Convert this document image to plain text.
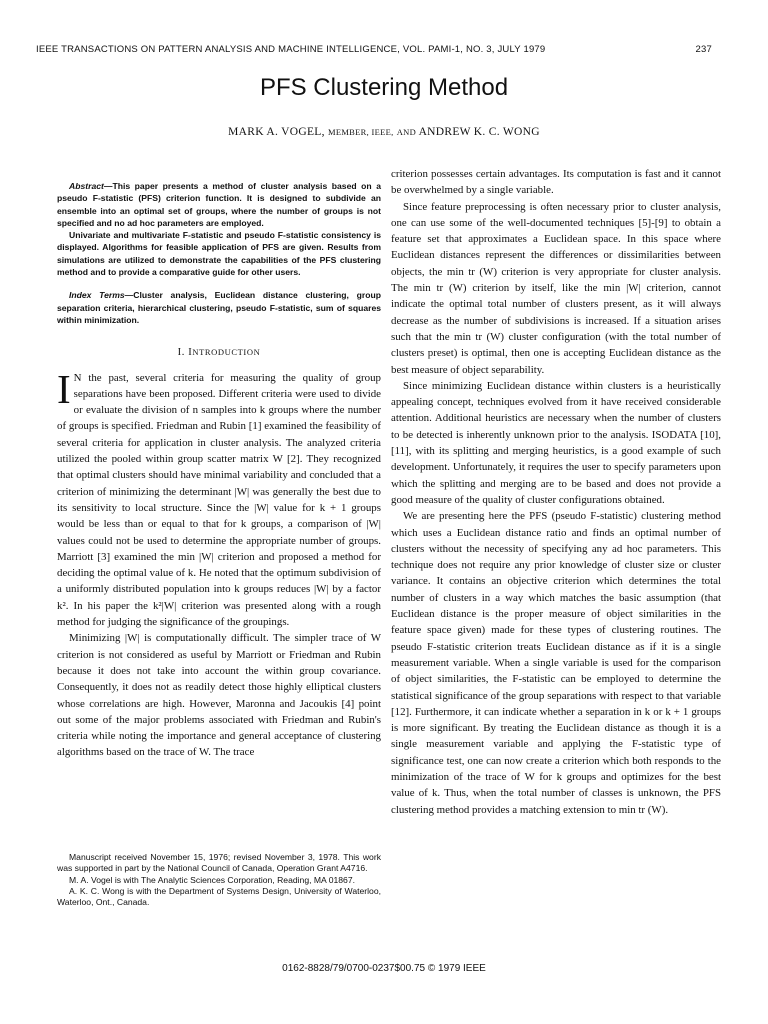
IEEE TRANSACTIONS ON PATTERN ANALYSIS AND MACHINE INTELLIGENCE, VOL. PAMI-1, NO. 3, JULY 1979	237
PFS Clustering Method
MARK A. VOGEL, MEMBER, IEEE, AND ANDREW K. C. WONG

Abstract—This paper presents a method of cluster analysis based on a pseudo F-statistic (PFS) criterion function. It is designed to subdivide an ensemble into an optimal set of groups, where the number of groups is not specified and no ad hoc parameters are employed.

Univariate and multivariate F-statistic and pseudo F-statistic consistency is displayed. Algorithms for feasible application of PFS are given. Results from simulations are utilized to demonstrate the capabilities of the PFS clustering method and to provide a comparative guide for other users.

Index Terms—Cluster analysis, Euclidean distance clustering, group separation criteria, hierarchical clustering, pseudo F-statistic, sum of squares within minimization.

I. INTRODUCTION

I N the past, several criteria for measuring the quality of group separations have been proposed. Different criteria were used to divide or evaluate the division of n samples into k groups where the number of groups is specified. Friedman and Rubin [1] examined the feasibility of several criteria for application in cluster analysis. The analyzed criteria utilized the pooled within group scatter matrix W [2]. They recognized that optimal clusters should have minimal variability and concluded that a criterion of minimizing the determinant |W| was generally the best due to its sensitivity to local structure. Since the |W| value for k + 1 groups would be less than or equal to that for k groups, a comparison of |W| values could not be used to determine the appropriate number of groups. Marriott [3] examined the min |W| criterion and proposed a method for deciding the optimal value of k. He noted that the optimum subdivision of a uniformly distributed population into k groups reduces |W| by a factor k². In his paper the k²|W| criterion was presented along with a rough method for judging the significance of the groupings.

Minimizing |W| is computationally difficult. The simpler trace of W criterion is not considered as useful by Marriott or Friedman and Rubin because it does not take into account the within group covariance. Consequently, it does not as readily detect those highly elliptical clusters whose correlations are high. However, Maronna and Jacoukis [4] point out some of the major problems associated with Friedman and Rubin's criteria while noting the importance and general acceptance of clustering algorithms based on the trace of W. The trace

Manuscript received November 15, 1976; revised November 3, 1978. This work was supported in part by the National Council of Canada, Operation Grant A4716.

M. A. Vogel is with The Analytic Sciences Corporation, Reading, MA 01867.

A. K. C. Wong is with the Department of Systems Design, University of Waterloo, Waterloo, Ont., Canada.

criterion possesses certain advantages. Its computation is fast and it cannot be overwhelmed by a single variable.

Since feature preprocessing is often necessary prior to cluster analysis, one can use some of the well-documented techniques [5]-[9] to obtain a feature set that approximates a Euclidean space. In this space where Euclidean distances represent the differences or dissimilarities between objects, the min tr (W) criterion is very appropriate for cluster analysis. The min tr (W) criterion by itself, like the min |W| criterion, cannot indicate the optimal total number of clusters present, as it will always decrease as the number of subdivisions is increased. If a situation arises such that the min tr (W) cluster configuration (with the total number of clusters preset) is optimal, then one is accepting Euclidean distance as the best measure of object separability.

Since minimizing Euclidean distance within clusters is a heuristically appealing concept, techniques evolved from it have received considerable attention. Additional heuristics are necessary when the number of clusters to be detected is inherently unknown prior to the analysis. ISODATA [10], [11], with its splitting and merging heuristics, is a good example of such development. Unfortunately, it requires the user to specify parameters upon which the splitting and merging are to be based and does not provide a good measure of the quality of cluster configurations obtained.

We are presenting here the PFS (pseudo F-statistic) clustering method which uses a Euclidean distance ratio and finds an optimal number of clusters without the necessity of specifying any ad hoc parameters. This technique does not require any prior knowledge of cluster size or cluster variance. It contains an objective criterion which determines the total number of clusters in a way which matches the basic assumption (that Euclidean distance is the proper measure of object similarities in the feature space given) made for these types of clustering routines. The pseudo F-statistic criterion treats Euclidean distance as if it is a single measurement variable. When a single variable is used for the comparison of object similarities, the F-statistic can be employed to determine the statistical significance of the group separations with respect to that variable [12]. Furthermore, it can indicate whether a separation in k or k + 1 groups is more significant. By treating the Euclidean distance as though it is a single measurement variable and applying the F-statistic type of significance test, one can now create a criterion which both responds to the minimization of the trace of W for k groups and optimizes for the best value of k. Thus, when the total number of classes is unknown, the PFS clustering method provides a matching extension to min tr (W).

0162-8828/79/0700-0237$00.75 © 1979 IEEE
